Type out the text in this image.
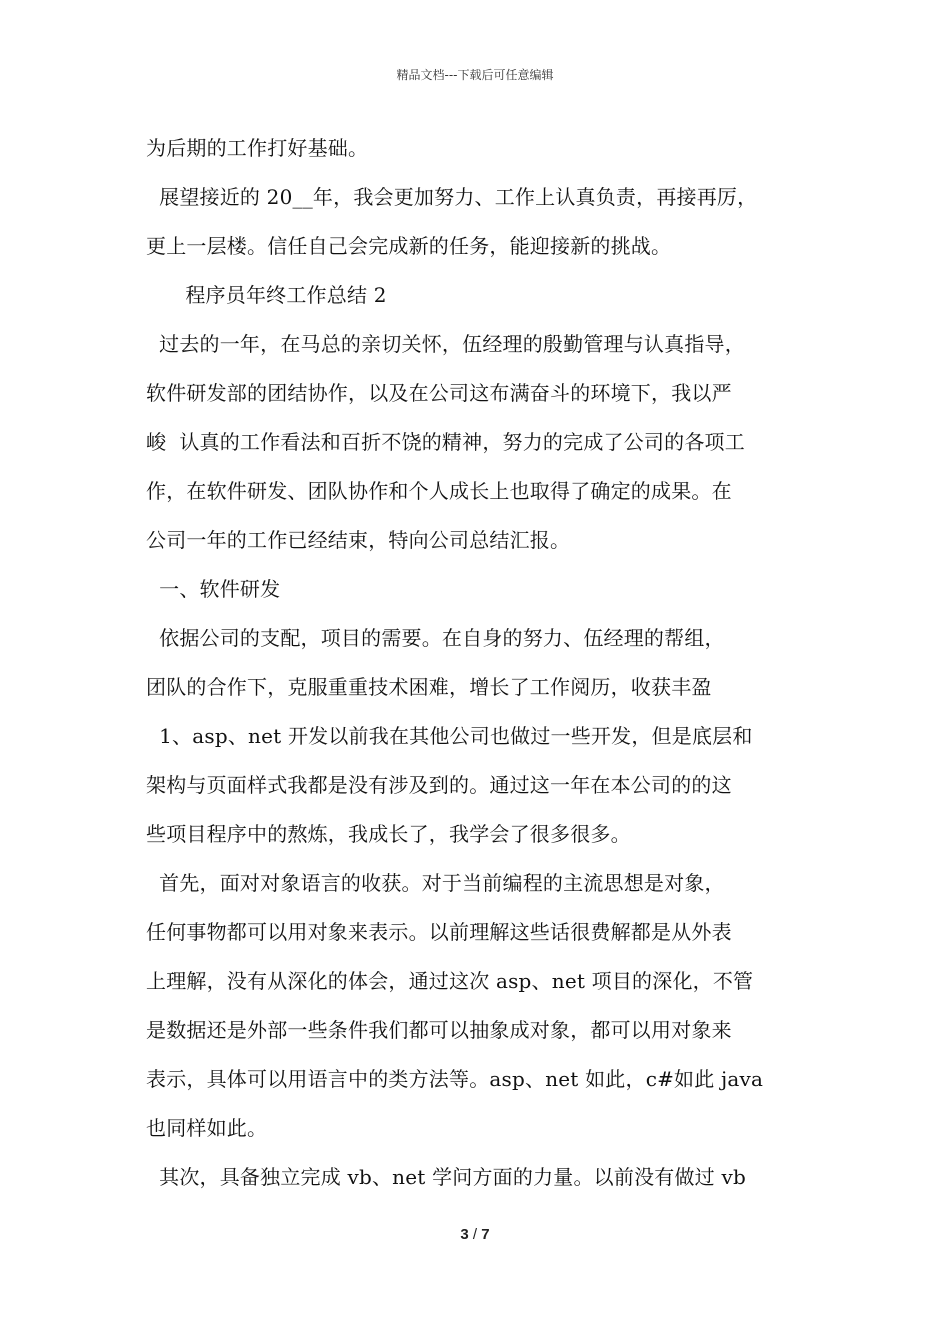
精品文档---下载后可任意编辑

为后期的工作打好基础。

展望接近的 20__年，我会更加努力、工作上认真负责，再接再厉，

更上一层楼。信任自己会完成新的任务，能迎接新的挑战。

程序员年终工作总结 2

过去的一年，在马总的亲切关怀，伍经理的殷勤管理与认真指导，

软件研发部的团结协作，以及在公司这布满奋斗的环境下，我以严

峻  认真的工作看法和百折不饶的精神，努力的完成了公司的各项工

作，在软件研发、团队协作和个人成长上也取得了确定的成果。在

公司一年的工作已经结束，特向公司总结汇报。

一、软件研发

依据公司的支配，项目的需要。在自身的努力、伍经理的帮组，

团队的合作下，克服重重技术困难，增长了工作阅历，收获丰盈

1、asp、net 开发以前我在其他公司也做过一些开发，但是底层和

架构与页面样式我都是没有涉及到的。通过这一年在本公司的的这

些项目程序中的熬炼，我成长了，我学会了很多很多。

首先，面对对象语言的收获。对于当前编程的主流思想是对象，

任何事物都可以用对象来表示。以前理解这些话很费解都是从外表

上理解，没有从深化的体会，通过这次 asp、net 项目的深化，不管

是数据还是外部一些条件我们都可以抽象成对象，都可以用对象来

表示，具体可以用语言中的类方法等。asp、net 如此，c#如此 java

也同样如此。

其次，具备独立完成 vb、net 学问方面的力量。以前没有做过 vb

3 / 7
